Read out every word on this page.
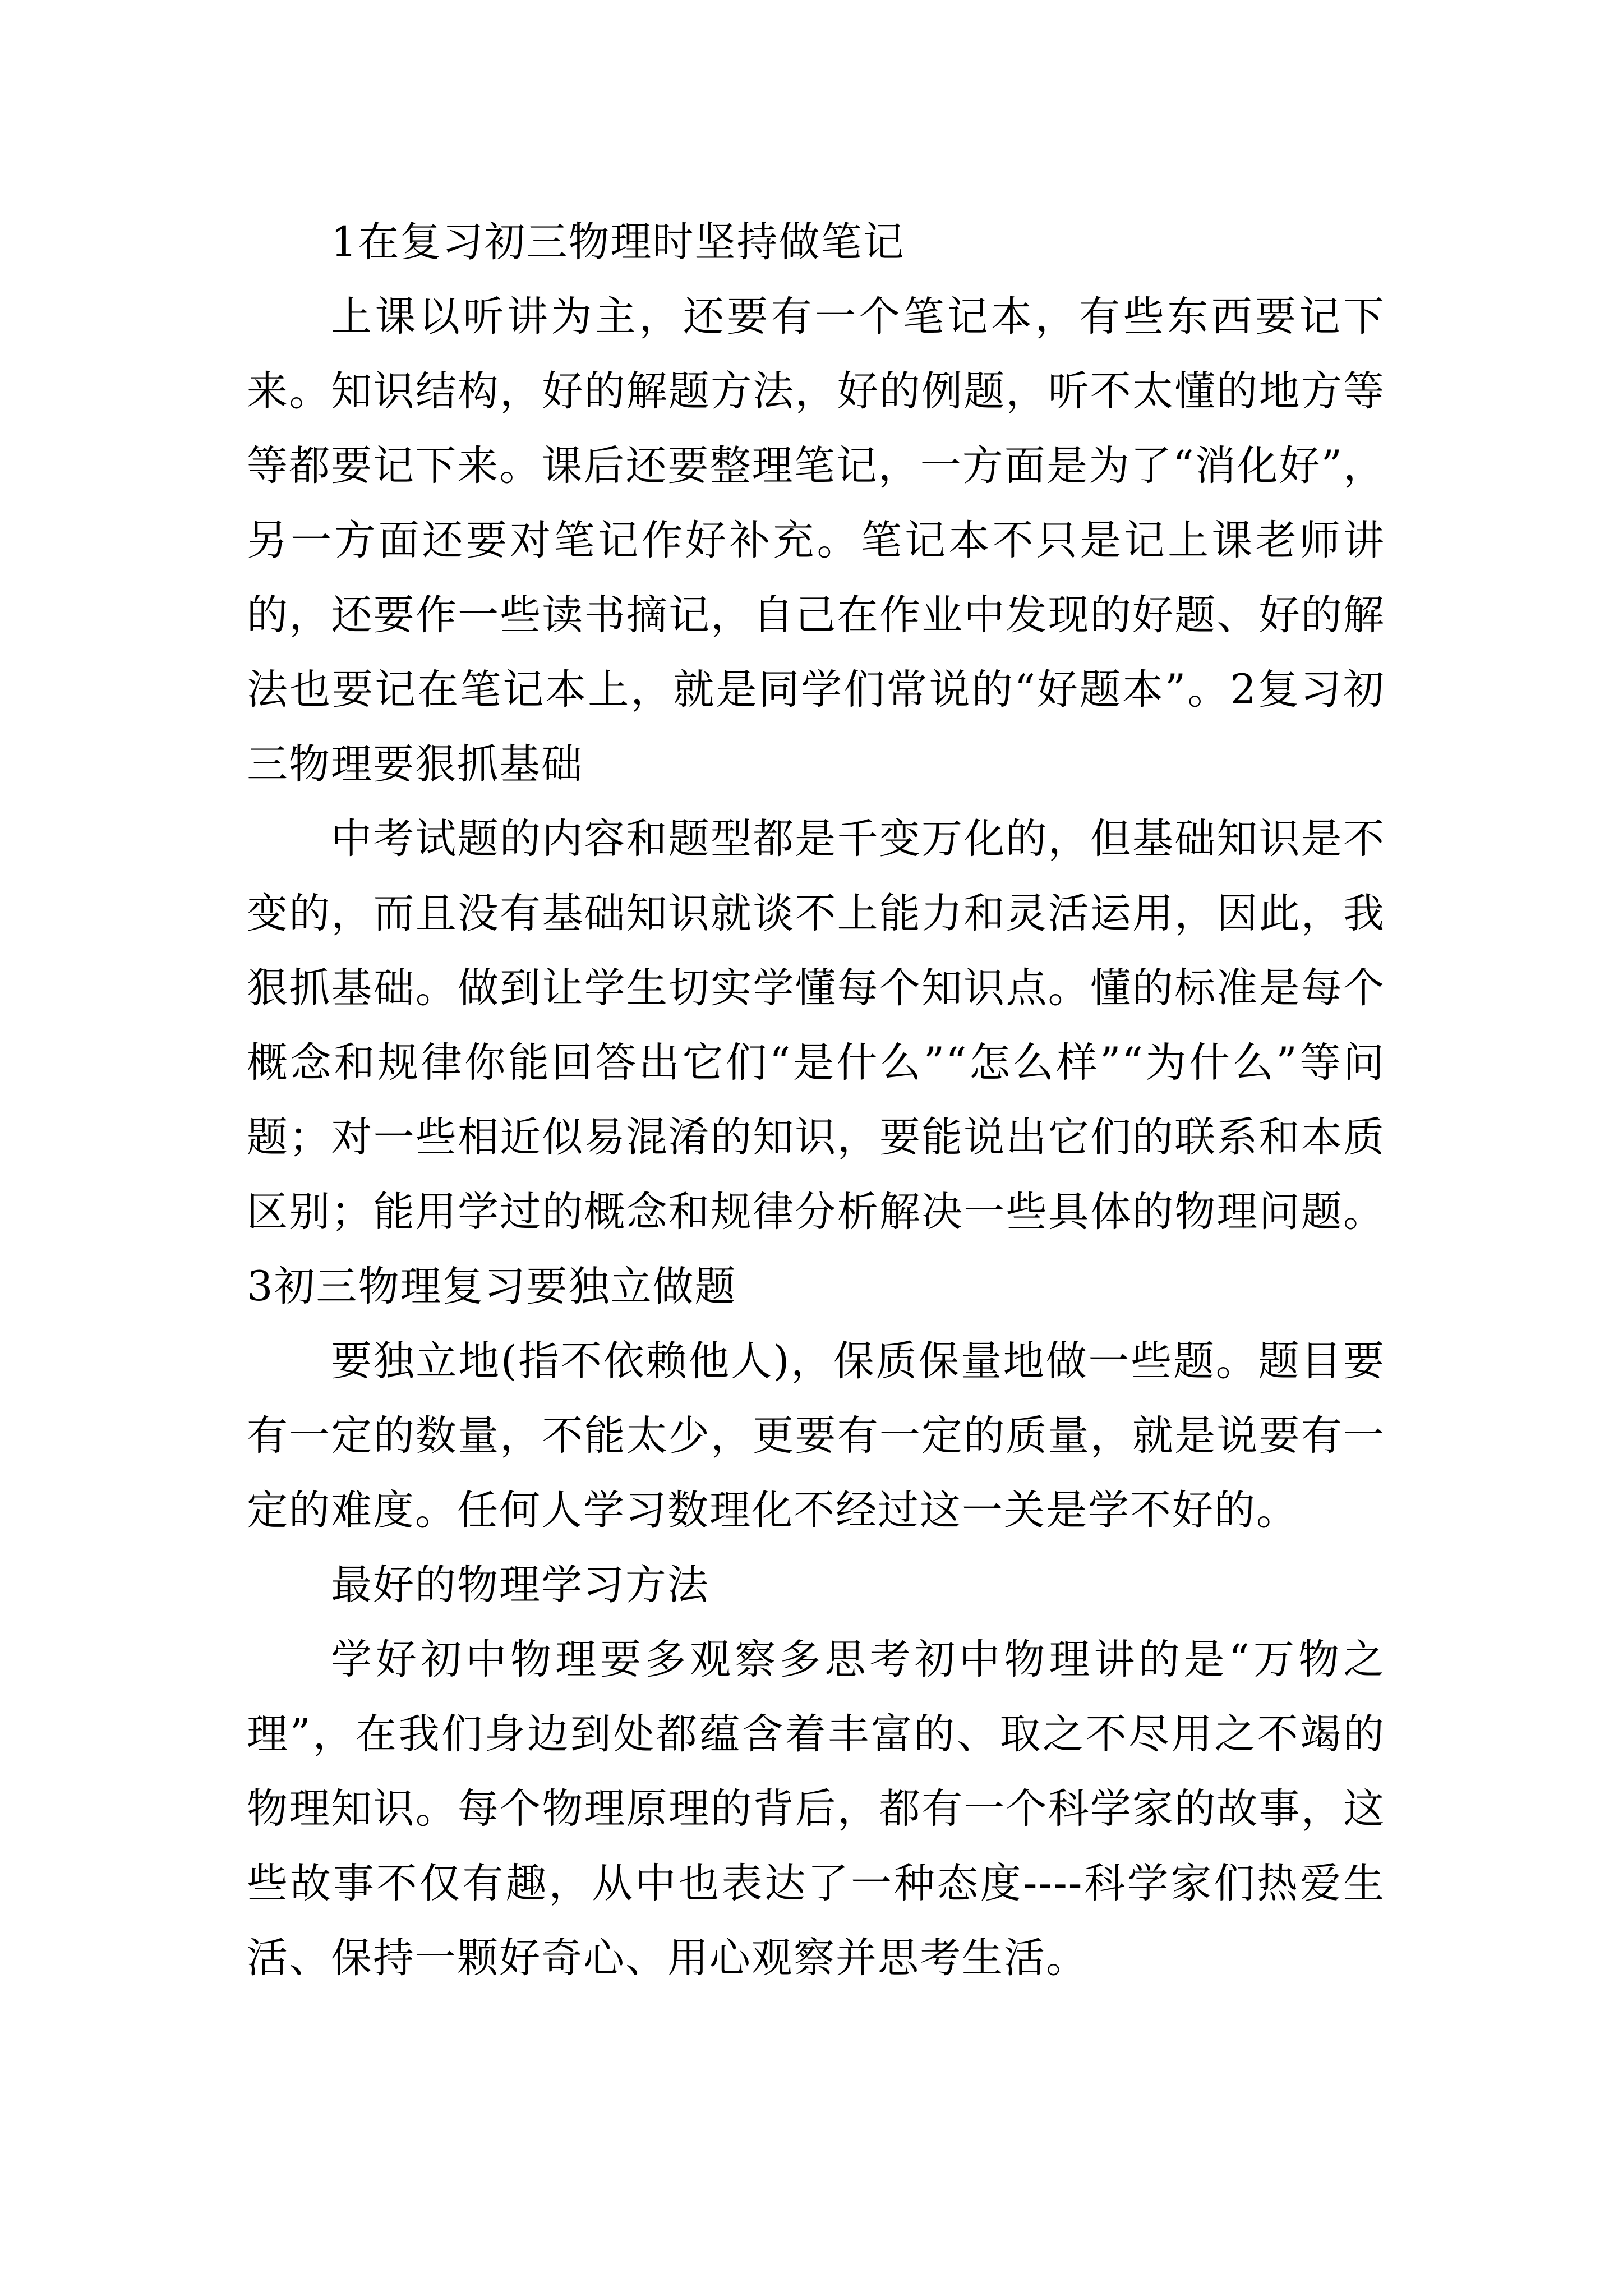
1在复习初三物理时坚持做笔记

上课以听讲为主，还要有一个笔记本，有些东西要记下来。知识结构，好的解题方法，好的例题，听不太懂的地方等等都要记下来。课后还要整理笔记，一方面是为了“消化好”，另一方面还要对笔记作好补充。笔记本不只是记上课老师讲的，还要作一些读书摘记，自己在作业中发现的好题、好的解法也要记在笔记本上，就是同学们常说的“好题本”。2复习初三物理要狠抓基础

中考试题的内容和题型都是千变万化的，但基础知识是不变的，而且没有基础知识就谈不上能力和灵活运用，因此，我狠抓基础。做到让学生切实学懂每个知识点。懂的标准是每个概念和规律你能回答出它们“是什么”“怎么样”“为什么”等问题；对一些相近似易混淆的知识，要能说出它们的联系和本质区别；能用学过的概念和规律分析解决一些具体的物理问题。3初三物理复习要独立做题

要独立地(指不依赖他人)，保质保量地做一些题。题目要有一定的数量，不能太少，更要有一定的质量，就是说要有一定的难度。任何人学习数理化不经过这一关是学不好的。

最好的物理学习方法

学好初中物理要多观察多思考初中物理讲的是“万物之理”，在我们身边到处都蕴含着丰富的、取之不尽用之不竭的物理知识。每个物理原理的背后，都有一个科学家的故事，这些故事不仅有趣，从中也表达了一种态度----科学家们热爱生活、保持一颗好奇心、用心观察并思考生活。
